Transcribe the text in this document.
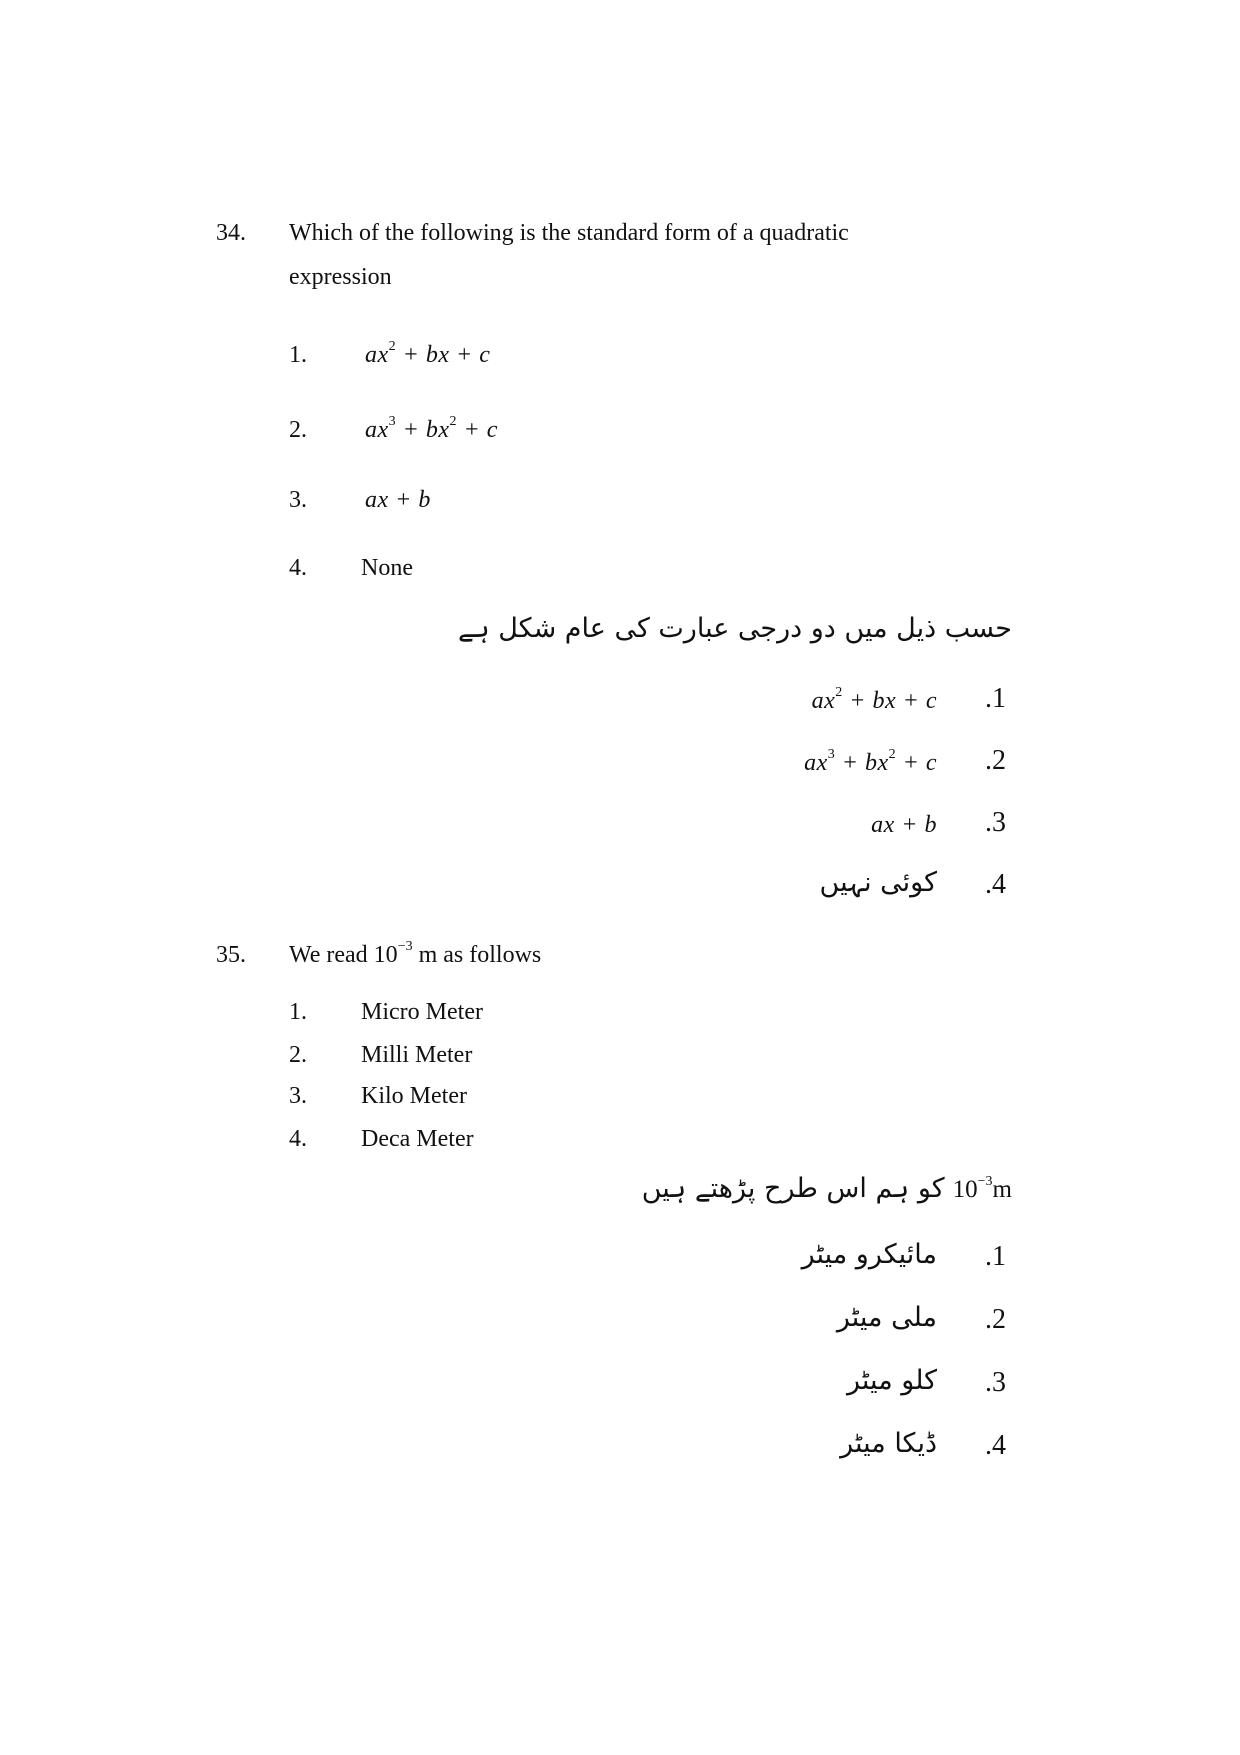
34. Which of the following is the standard form of a quadratic
expression
1. $ax^2$ + bx + c
2. $ax^3 + bx^2 + c$
3. ax + b
4. None
حسب ذیل میں دو درجی عبارت کی عام شکل ہے
.1
$ax^2$ + bx + c
.2
$ax^3 + bx^2 + c$
.3
ax + b
.4
کوئی نہیں
35. We read $10^{-3}$ m as follows
1. Micro Meter
2. Milli Meter
3. Kilo Meter
4. Deca Meter
کو ہم اس طرح پڑھتے ہیں $10^{-3}m$
.1
مائیکرو میٹر
.2
ملی میٹر
.3
کلو میٹر
.4
ڈیکا میٹر
